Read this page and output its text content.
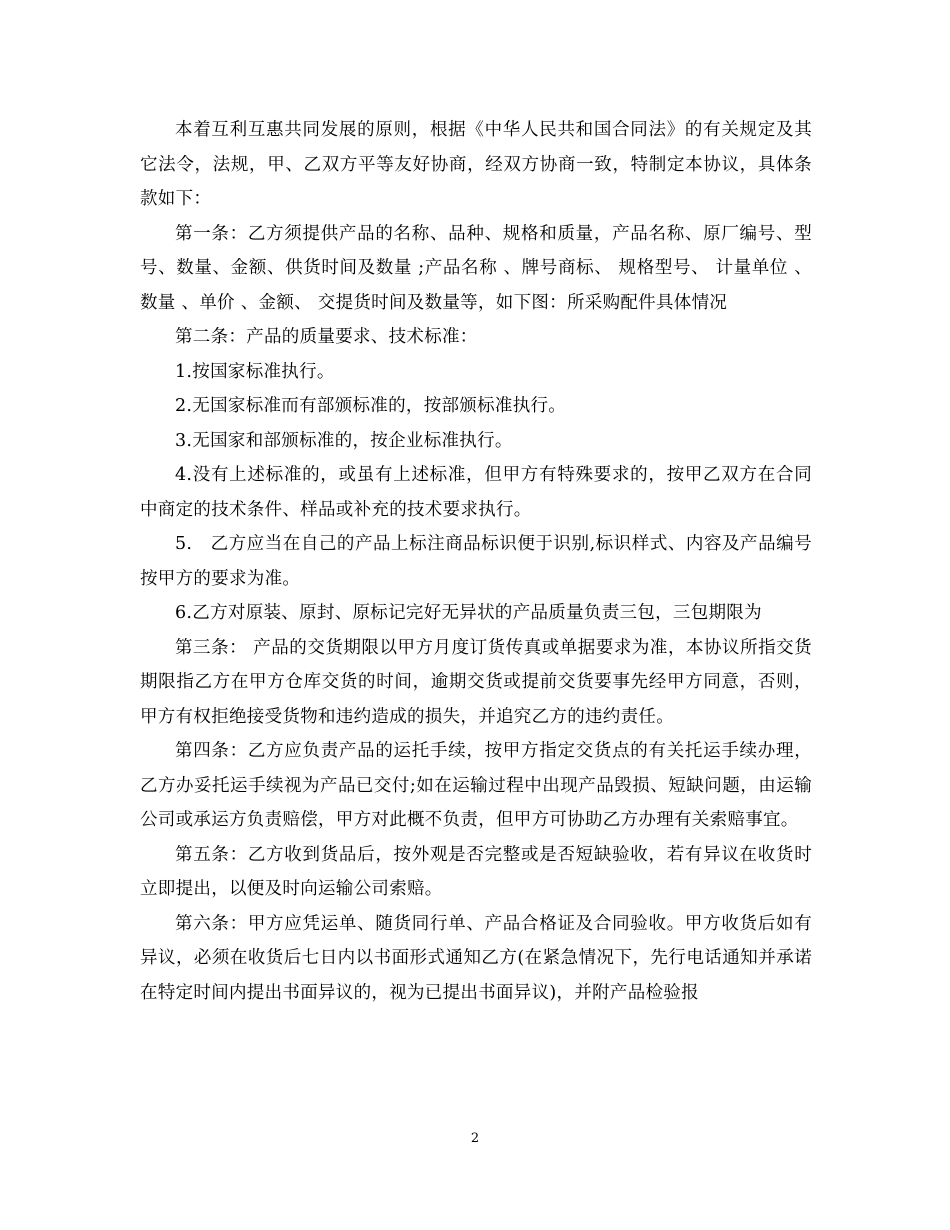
本着互利互惠共同发展的原则，根据《中华人民共和国合同法》的有关规定及其它法令，法规，甲、乙双方平等友好协商，经双方协商一致，特制定本协议，具体条款如下：

第一条：乙方须提供产品的名称、品种、规格和质量，产品名称、原厂编号、型号、数量、金额、供货时间及数量 ;产品名称 、牌号商标、 规格型号、 计量单位 、数量 、单价 、金额、 交提货时间及数量等，如下图：所采购配件具体情况

第二条：产品的质量要求、技术标准：

1.按国家标准执行。

2.无国家标准而有部颁标准的，按部颁标准执行。

3.无国家和部颁标准的，按企业标准执行。

4.没有上述标准的，或虽有上述标准，但甲方有特殊要求的，按甲乙双方在合同中商定的技术条件、样品或补充的技术要求执行。

5.　乙方应当在自己的产品上标注商品标识便于识别,标识样式、内容及产品编号按甲方的要求为准。

6.乙方对原装、原封、原标记完好无异状的产品质量负责三包，三包期限为

第三条： 产品的交货期限以甲方月度订货传真或单据要求为准，本协议所指交货期限指乙方在甲方仓库交货的时间，逾期交货或提前交货要事先经甲方同意，否则，甲方有权拒绝接受货物和违约造成的损失，并追究乙方的违约责任。

第四条：乙方应负责产品的运托手续，按甲方指定交货点的有关托运手续办理，乙方办妥托运手续视为产品已交付;如在运输过程中出现产品毁损、短缺问题，由运输公司或承运方负责赔偿，甲方对此概不负责，但甲方可协助乙方办理有关索赔事宜。

第五条：乙方收到货品后，按外观是否完整或是否短缺验收，若有异议在收货时立即提出，以便及时向运输公司索赔。

第六条：甲方应凭运单、随货同行单、产品合格证及合同验收。甲方收货后如有异议，必须在收货后七日内以书面形式通知乙方(在紧急情况下，先行电话通知并承诺在特定时间内提出书面异议的，视为已提出书面异议)，并附产品检验报

2
